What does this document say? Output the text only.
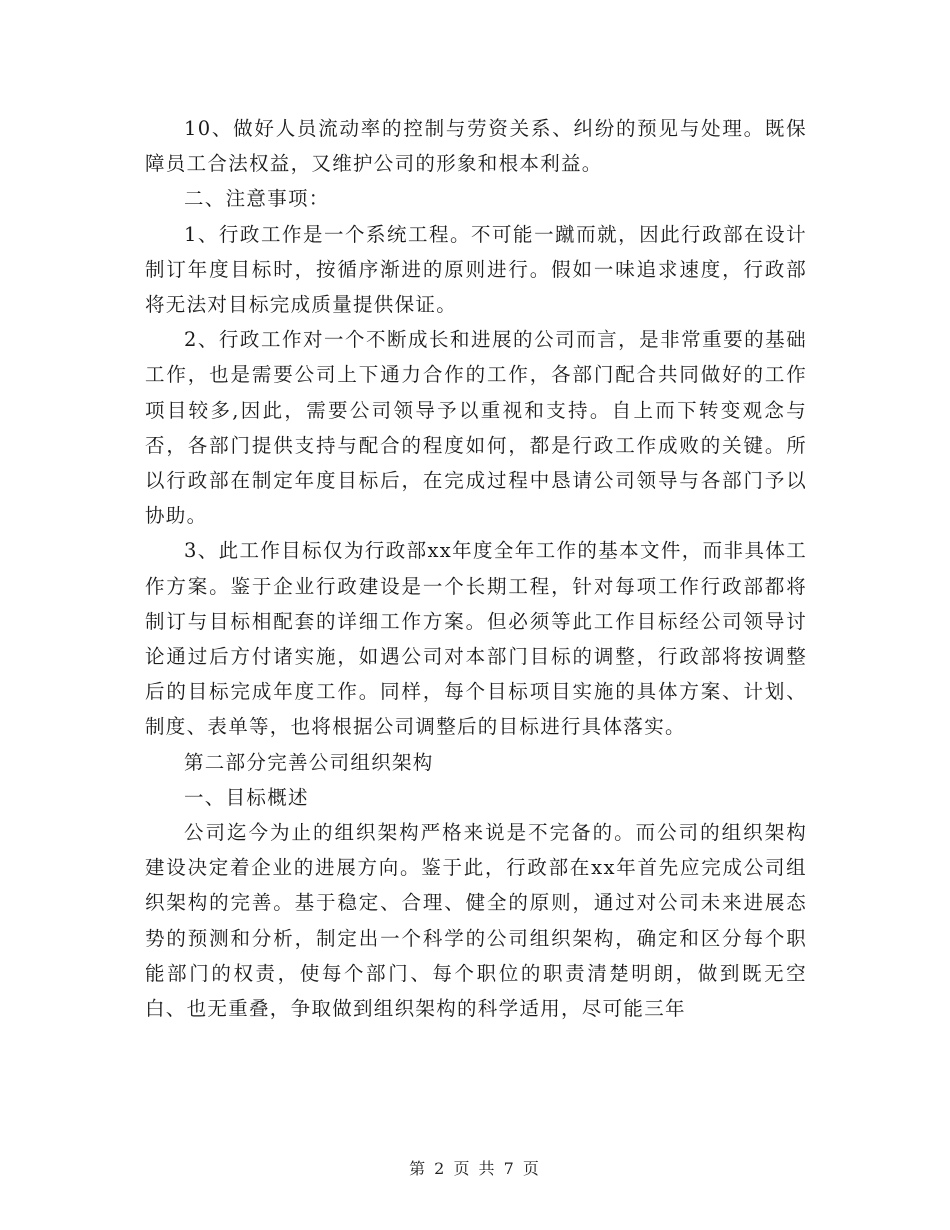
10、做好人员流动率的控制与劳资关系、纠纷的预见与处理。既保障员工合法权益，又维护公司的形象和根本利益。

二、注意事项：

1、行政工作是一个系统工程。不可能一蹴而就，因此行政部在设计制订年度目标时，按循序渐进的原则进行。假如一味追求速度，行政部将无法对目标完成质量提供保证。

2、行政工作对一个不断成长和进展的公司而言，是非常重要的基础工作，也是需要公司上下通力合作的工作，各部门配合共同做好的工作项目较多,因此，需要公司领导予以重视和支持。自上而下转变观念与否，各部门提供支持与配合的程度如何，都是行政工作成败的关键。所以行政部在制定年度目标后，在完成过程中恳请公司领导与各部门予以协助。

3、此工作目标仅为行政部xx年度全年工作的基本文件，而非具体工作方案。鉴于企业行政建设是一个长期工程，针对每项工作行政部都将制订与目标相配套的详细工作方案。但必须等此工作目标经公司领导讨论通过后方付诸实施，如遇公司对本部门目标的调整，行政部将按调整后的目标完成年度工作。同样，每个目标项目实施的具体方案、计划、制度、表单等，也将根据公司调整后的目标进行具体落实。

第二部分完善公司组织架构

一、目标概述

公司迄今为止的组织架构严格来说是不完备的。而公司的组织架构建设决定着企业的进展方向。鉴于此，行政部在xx年首先应完成公司组织架构的完善。基于稳定、合理、健全的原则，通过对公司未来进展态势的预测和分析，制定出一个科学的公司组织架构，确定和区分每个职能部门的权责，使每个部门、每个职位的职责清楚明朗，做到既无空白、也无重叠，争取做到组织架构的科学适用，尽可能三年

第 2 页 共 7 页
